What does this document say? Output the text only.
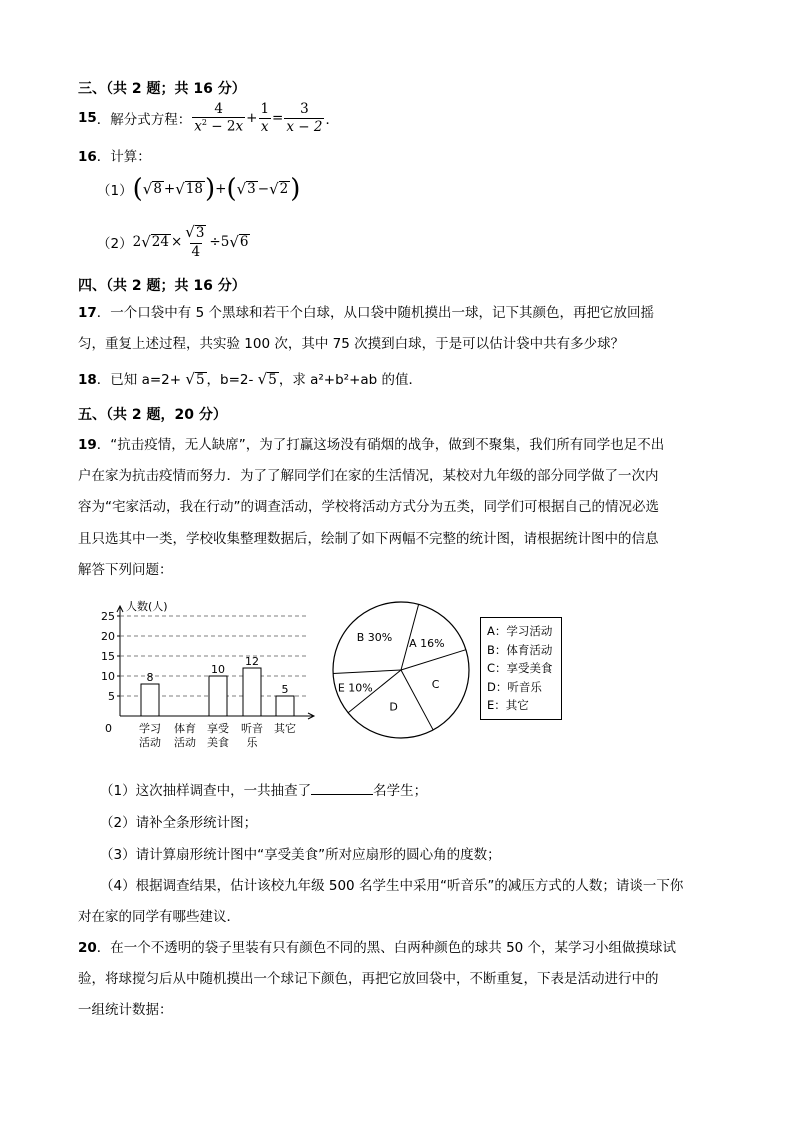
三、（共 2 题；共 16 分）
15 ．解分式方程： $\frac{4}{x^2 - 2x} + \frac{1}{x} = \frac{3}{x - 2}$ ．
16．计算：
（1） ( √ 8 + √ 18 ) + ( √ 3 − √ 2 )
（2） 2 √ $24 \times \frac{√3}{4} \div 5$ √ 6
四、（共 2 题；共 16 分）
17．一个口袋中有 5 个黑球和若干个白球，从口袋中随机摸出一球，记下其颜色，再把它放回摇
匀，重复上述过程，共实验 100 次，其中 75 次摸到白球，于是可以估计袋中共有多少球？
18．已知 a=2+ √5 ，b=2- √5 ，求 a²+b²+ab 的值．
五、（共 2 题，20 分）
19．“抗击疫情，无人缺席”，为了打赢这场没有硝烟的战争，做到不聚集，我们所有同学也足不出
户在家为抗击疫情而努力．为了了解同学们在家的生活情况，某校对九年级的部分同学做了一次内
容为“宅家活动，我在行动”的调查活动，学校将活动方式分为五类，同学们可根据自己的情况必选
且只选其中一类，学校收集整理数据后，绘制了如下两幅不完整的统计图，请根据统计图中的信息
解答下列问题：
人数(人)
0
5
10
15
20
25
8
学习
活动
体育
活动
10
享受
美食
12
听音
乐
5
其它
A 16%
C
D
E 10%
B 30%	A：学习活动
B：体育活动
C：享受美食
D：听音乐
E：其它
（1）这次抽样调查中，一共抽查了	名学生；
（2）请补全条形统计图；
（3）请计算扇形统计图中“享受美食”所对应扇形的圆心角的度数；
（4）根据调查结果，估计该校九年级 500 名学生中采用“听音乐”的减压方式的人数；请谈一下你
对在家的同学有哪些建议．
20．在一个不透明的袋子里装有只有颜色不同的黑、白两种颜色的球共 50 个，某学习小组做摸球试
验，将球搅匀后从中随机摸出一个球记下颜色，再把它放回袋中，不断重复，下表是活动进行中的
一组统计数据：
